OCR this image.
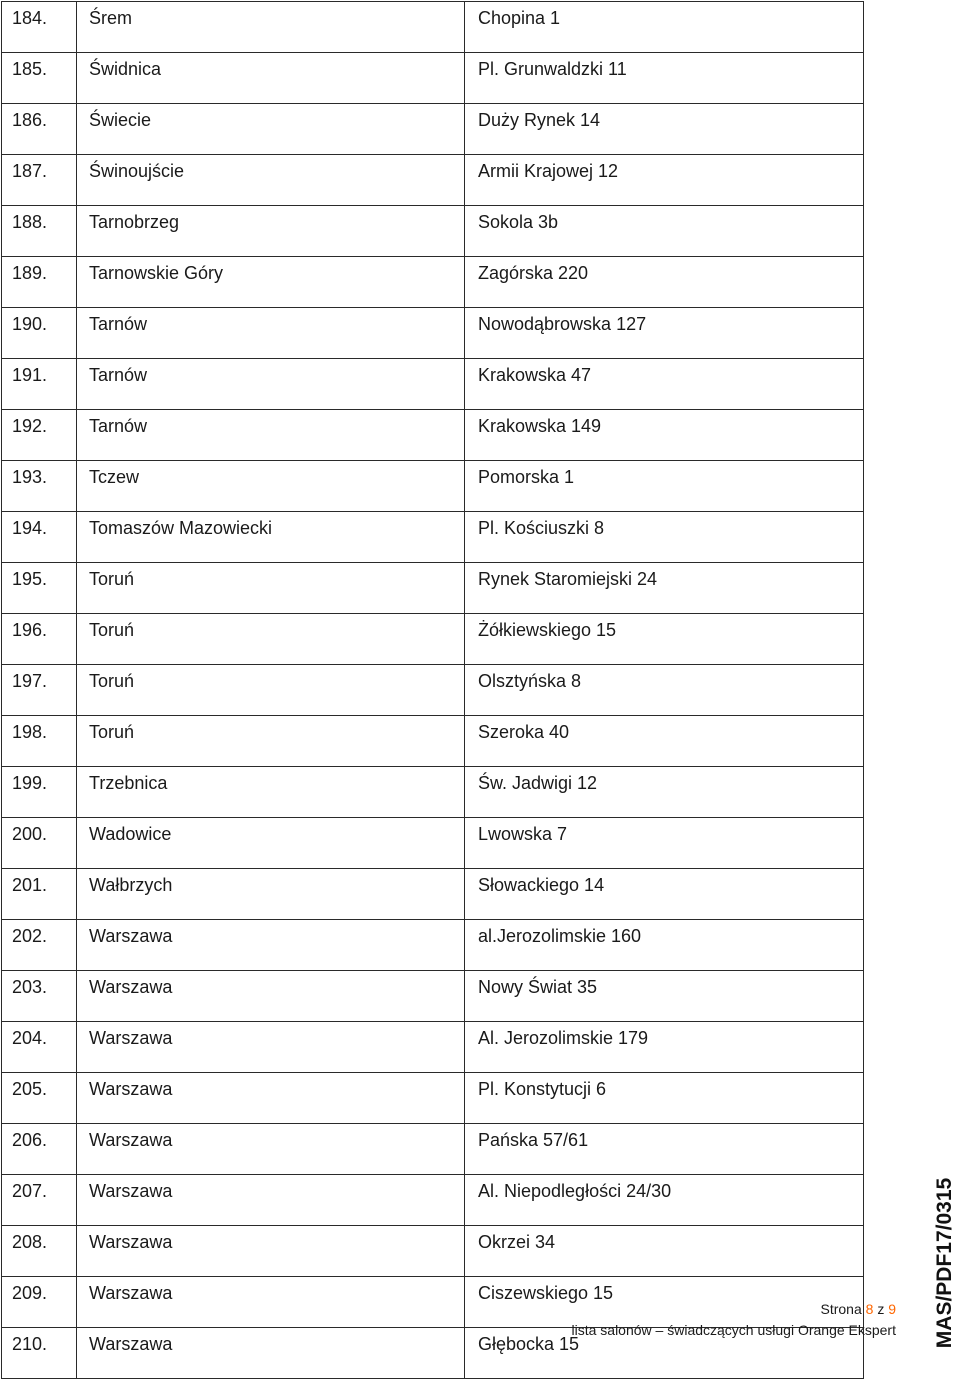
184.	Śrem	Chopina 1
185.	Świdnica	Pl. Grunwaldzki 11
186.	Świecie	Duży Rynek 14
187.	Świnoujście	Armii Krajowej 12
188.	Tarnobrzeg	Sokola 3b
189.	Tarnowskie Góry	Zagórska 220
190.	Tarnów	Nowodąbrowska 127
191.	Tarnów	Krakowska 47
192.	Tarnów	Krakowska 149
193.	Tczew	Pomorska 1
194.	Tomaszów Mazowiecki	Pl. Kościuszki 8
195.	Toruń	Rynek Staromiejski 24
196.	Toruń	Żółkiewskiego 15
197.	Toruń	Olsztyńska 8
198.	Toruń	Szeroka 40
199.	Trzebnica	Św. Jadwigi 12
200.	Wadowice	Lwowska 7
201.	Wałbrzych	Słowackiego 14
202.	Warszawa	al.Jerozolimskie 160
203.	Warszawa	Nowy Świat 35
204.	Warszawa	Al. Jerozolimskie 179
205.	Warszawa	Pl. Konstytucji 6
206.	Warszawa	Pańska 57/61
207.	Warszawa	Al. Niepodległości 24/30
208.	Warszawa	Okrzei 34
209.	Warszawa	Ciszewskiego 15
210.	Warszawa	Głębocka 15	MAS/PDF17/0315
Strona 8 z 9
lista salonów – świadczących usługi Orange Ekspert
